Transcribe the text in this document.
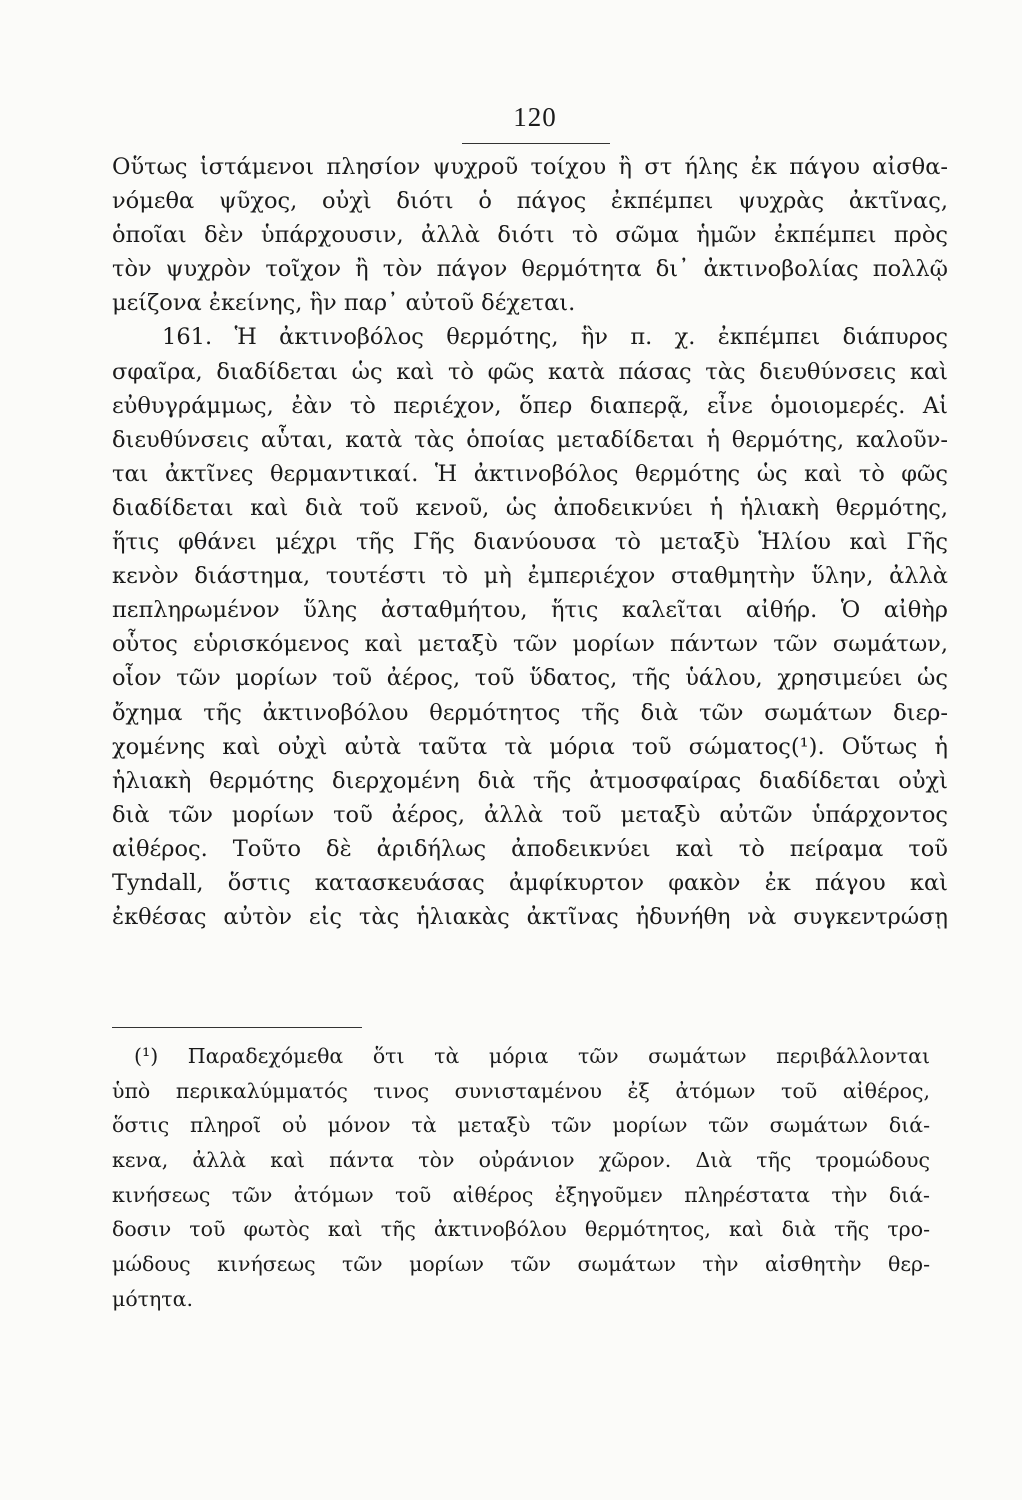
120
Οὕτως ἱστάμενοι πλησίον ψυχροῦ τοίχου ἢ στ ήλης ἐκ πάγου αἰσθα-
νόμεθα ψῦχος, οὐχὶ διότι ὁ πάγος ἐκπέμπει ψυχρὰς ἀκτῖνας,
ὁποῖαι δὲν ὑπάρχουσιν, ἀλλὰ διότι τὸ σῶμα ἡμῶν ἐκπέμπει πρὸς
τὸν ψυχρὸν τοῖχον ἢ τὸν πάγον θερμότητα δι᾽ ἀκτινοβολίας πολλῷ
μείζονα ἐκείνης, ἣν παρ᾽ αὐτοῦ δέχεται.
161. Ἡ ἀκτινοβόλος θερμότης, ἣν π. χ. ἐκπέμπει διάπυρος
σφαῖρα, διαδίδεται ὡς καὶ τὸ φῶς κατὰ πάσας τὰς διευθύνσεις καὶ
εὐθυγράμμως, ἐὰν τὸ περιέχον, ὅπερ διαπερᾷ, εἶνε ὁμοιομερές. Αἱ
διευθύνσεις αὗται, κατὰ τὰς ὁποίας μεταδίδεται ἡ θερμότης, καλοῦν-
ται ἀκτῖνες θερμαντικαί. Ἡ ἀκτινοβόλος θερμότης ὡς καὶ τὸ φῶς
διαδίδεται καὶ διὰ τοῦ κενοῦ, ὡς ἀποδεικνύει ἡ ἡλιακὴ θερμότης,
ἥτις φθάνει μέχρι τῆς Γῆς διανύουσα τὸ μεταξὺ Ἡλίου καὶ Γῆς
κενὸν διάστημα, τουτέστι τὸ μὴ ἐμπεριέχον σταθμητὴν ὕλην, ἀλλὰ
πεπληρωμένον ὕλης ἀσταθμήτου, ἥτις καλεῖται αἰθήρ. Ὁ αἰθὴρ
οὗτος εὑρισκόμενος καὶ μεταξὺ τῶν μορίων πάντων τῶν σωμάτων,
οἷον τῶν μορίων τοῦ ἀέρος, τοῦ ὕδατος, τῆς ὑάλου, χρησιμεύει ὡς
ὄχημα τῆς ἀκτινοβόλου θερμότητος τῆς διὰ τῶν σωμάτων διερ-
χομένης καὶ οὐχὶ αὐτὰ ταῦτα τὰ μόρια τοῦ σώματος(¹). Οὕτως ἡ
ἡλιακὴ θερμότης διερχομένη διὰ τῆς ἀτμοσφαίρας διαδίδεται οὐχὶ
διὰ τῶν μορίων τοῦ ἀέρος, ἀλλὰ τοῦ μεταξὺ αὐτῶν ὑπάρχοντος
αἰθέρος. Τοῦτο δὲ ἀριδήλως ἀποδεικνύει καὶ τὸ πείραμα τοῦ
Tyndall, ὅστις κατασκευάσας ἀμφίκυρτον φακὸν ἐκ πάγου καὶ
ἐκθέσας αὐτὸν εἰς τὰς ἡλιακὰς ἀκτῖνας ἠδυνήθη νὰ συγκεντρώσῃ
(¹) Παραδεχόμεθα ὅτι τὰ μόρια τῶν σωμάτων περιβάλλονται
ὑπὸ περικαλύμματός τινος συνισταμένου ἐξ ἀτόμων τοῦ αἰθέρος,
ὅστις πληροῖ οὐ μόνον τὰ μεταξὺ τῶν μορίων τῶν σωμάτων διά-
κενα, ἀλλὰ καὶ πάντα τὸν οὐράνιον χῶρον. Διὰ τῆς τρομώδους
κινήσεως τῶν ἀτόμων τοῦ αἰθέρος ἐξηγοῦμεν πληρέστατα τὴν διά-
δοσιν τοῦ φωτὸς καὶ τῆς ἀκτινοβόλου θερμότητος, καὶ διὰ τῆς τρο-
μώδους κινήσεως τῶν μορίων τῶν σωμάτων τὴν αἰσθητὴν θερ-
μότητα.
